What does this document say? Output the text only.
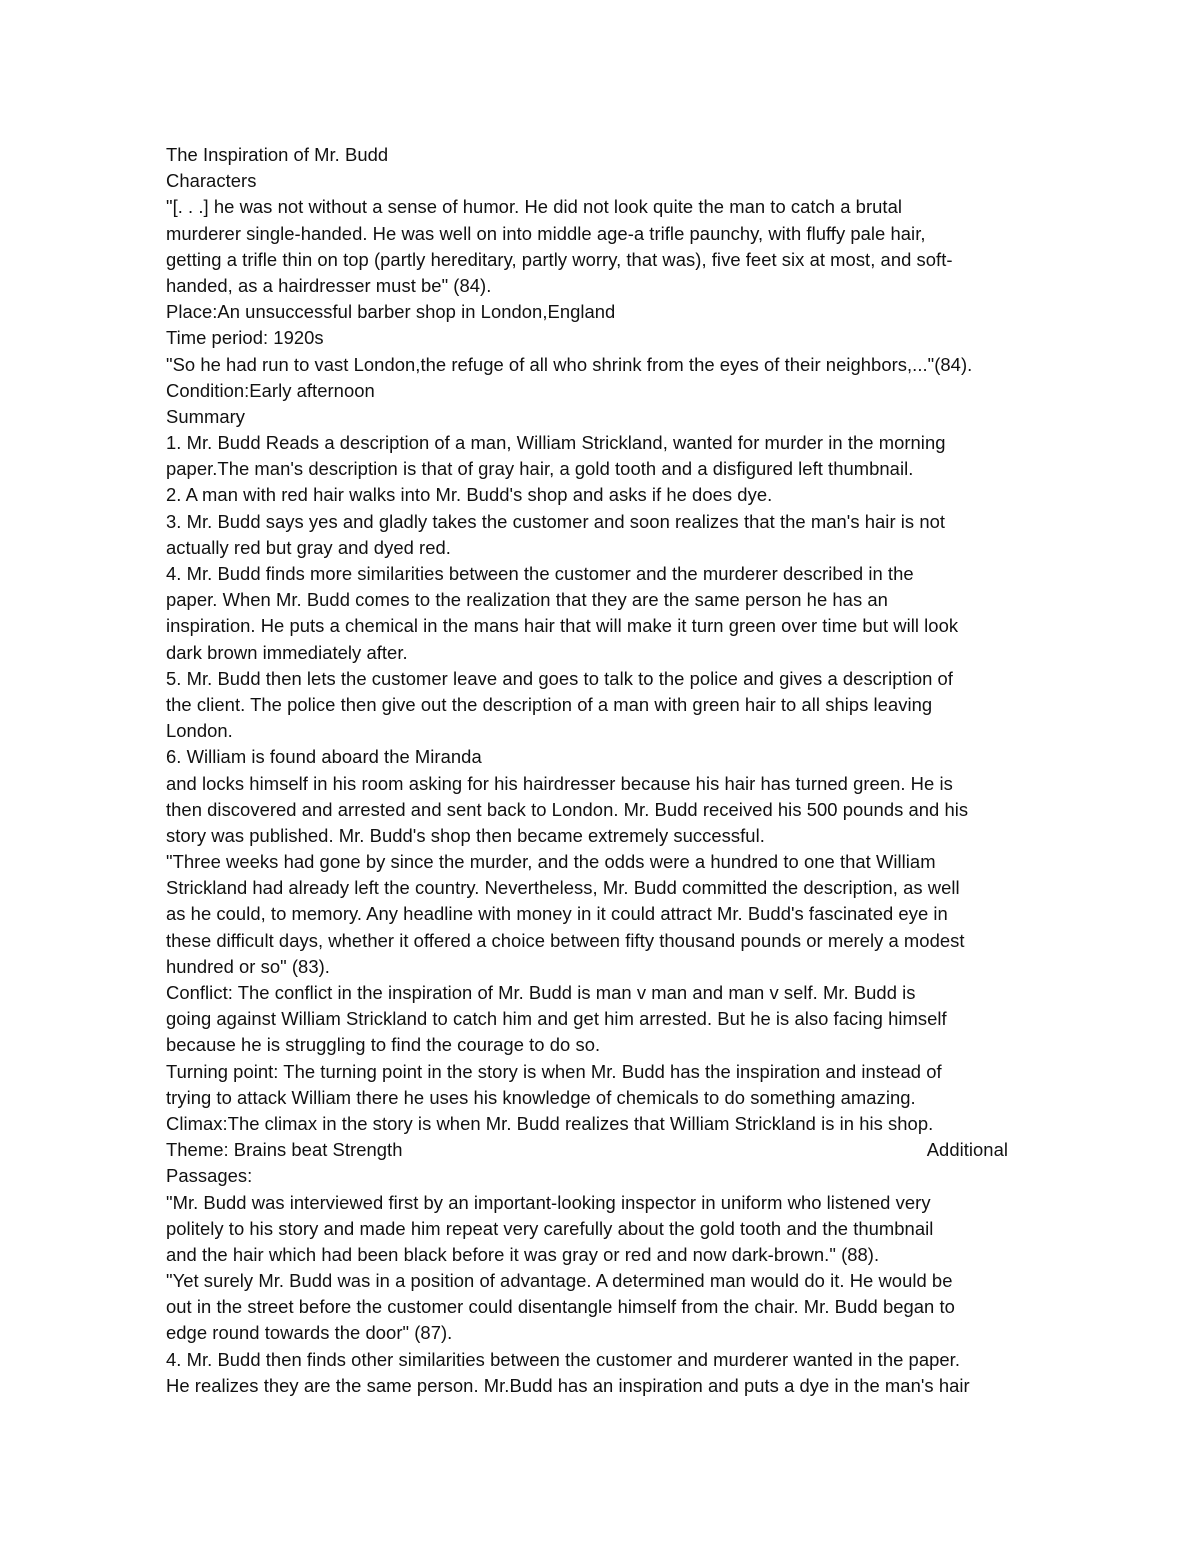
The Inspiration of Mr. Budd
Characters
"[. . .] he was not without a sense of humor. He did not look quite the man to catch a brutal
murderer single-handed. He was well on into middle age-a trifle paunchy, with fluffy pale hair,
getting a trifle thin on top (partly hereditary, partly worry, that was), five feet six at most, and soft-
handed, as a hairdresser must be" (84).
Place:An unsuccessful barber shop in London,England
Time period: 1920s
"So he had run to vast London,the refuge of all who shrink from the eyes of their neighbors,..."(84).
Condition:Early afternoon
Summary
1. Mr. Budd Reads a description of a man, William Strickland, wanted for murder in the morning
paper.The man's description is that of gray hair, a gold tooth and a disfigured left thumbnail.
2. A man with red hair walks into Mr. Budd's shop and asks if he does dye.
3. Mr. Budd says yes and gladly takes the customer and soon realizes that the man's hair is not
actually red but gray and dyed red.
4. Mr. Budd finds more similarities between the customer and the murderer described in the
paper. When Mr. Budd comes to the realization that they are the same person he has an
inspiration. He puts a chemical in the mans hair that will make it turn green over time but will look
dark brown immediately after.
5. Mr. Budd then lets the customer leave and goes to talk to the police and gives a description of
the client. The police then give out the description of a man with green hair to all ships leaving
London.
6. William is found aboard the Miranda
and locks himself in his room asking for his hairdresser because his hair has turned green. He is
then discovered and arrested and sent back to London. Mr. Budd received his 500 pounds and his
story was published. Mr. Budd's shop then became extremely successful.
"Three weeks had gone by since the murder, and the odds were a hundred to one that William
Strickland had already left the country. Nevertheless, Mr. Budd committed the description, as well
as he could, to memory. Any headline with money in it could attract Mr. Budd's fascinated eye in
these difficult days, whether it offered a choice between fifty thousand pounds or merely a modest
hundred or so" (83).
Conflict: The conflict in the inspiration of Mr. Budd is man v man and man v self. Mr. Budd is
going against William Strickland to catch him and get him arrested. But he is also facing himself
because he is struggling to find the courage to do so.
Turning point: The turning point in the story is when Mr. Budd has the inspiration and instead of
trying to attack William there he uses his knowledge of chemicals to do something amazing.
Climax:The climax in the story is when Mr. Budd realizes that William Strickland is in his shop.
Theme: Brains beat Strength	Additional
Passages:
"Mr. Budd was interviewed first by an important-looking inspector in uniform who listened very
politely to his story and made him repeat very carefully about the gold tooth and the thumbnail
and the hair which had been black before it was gray or red and now dark-brown." (88).
"Yet surely Mr. Budd was in a position of advantage. A determined man would do it. He would be
out in the street before the customer could disentangle himself from the chair. Mr. Budd began to
edge round towards the door" (87).
4. Mr. Budd then finds other similarities between the customer and murderer wanted in the paper.
He realizes they are the same person. Mr.Budd has an inspiration and puts a dye in the man's hair
